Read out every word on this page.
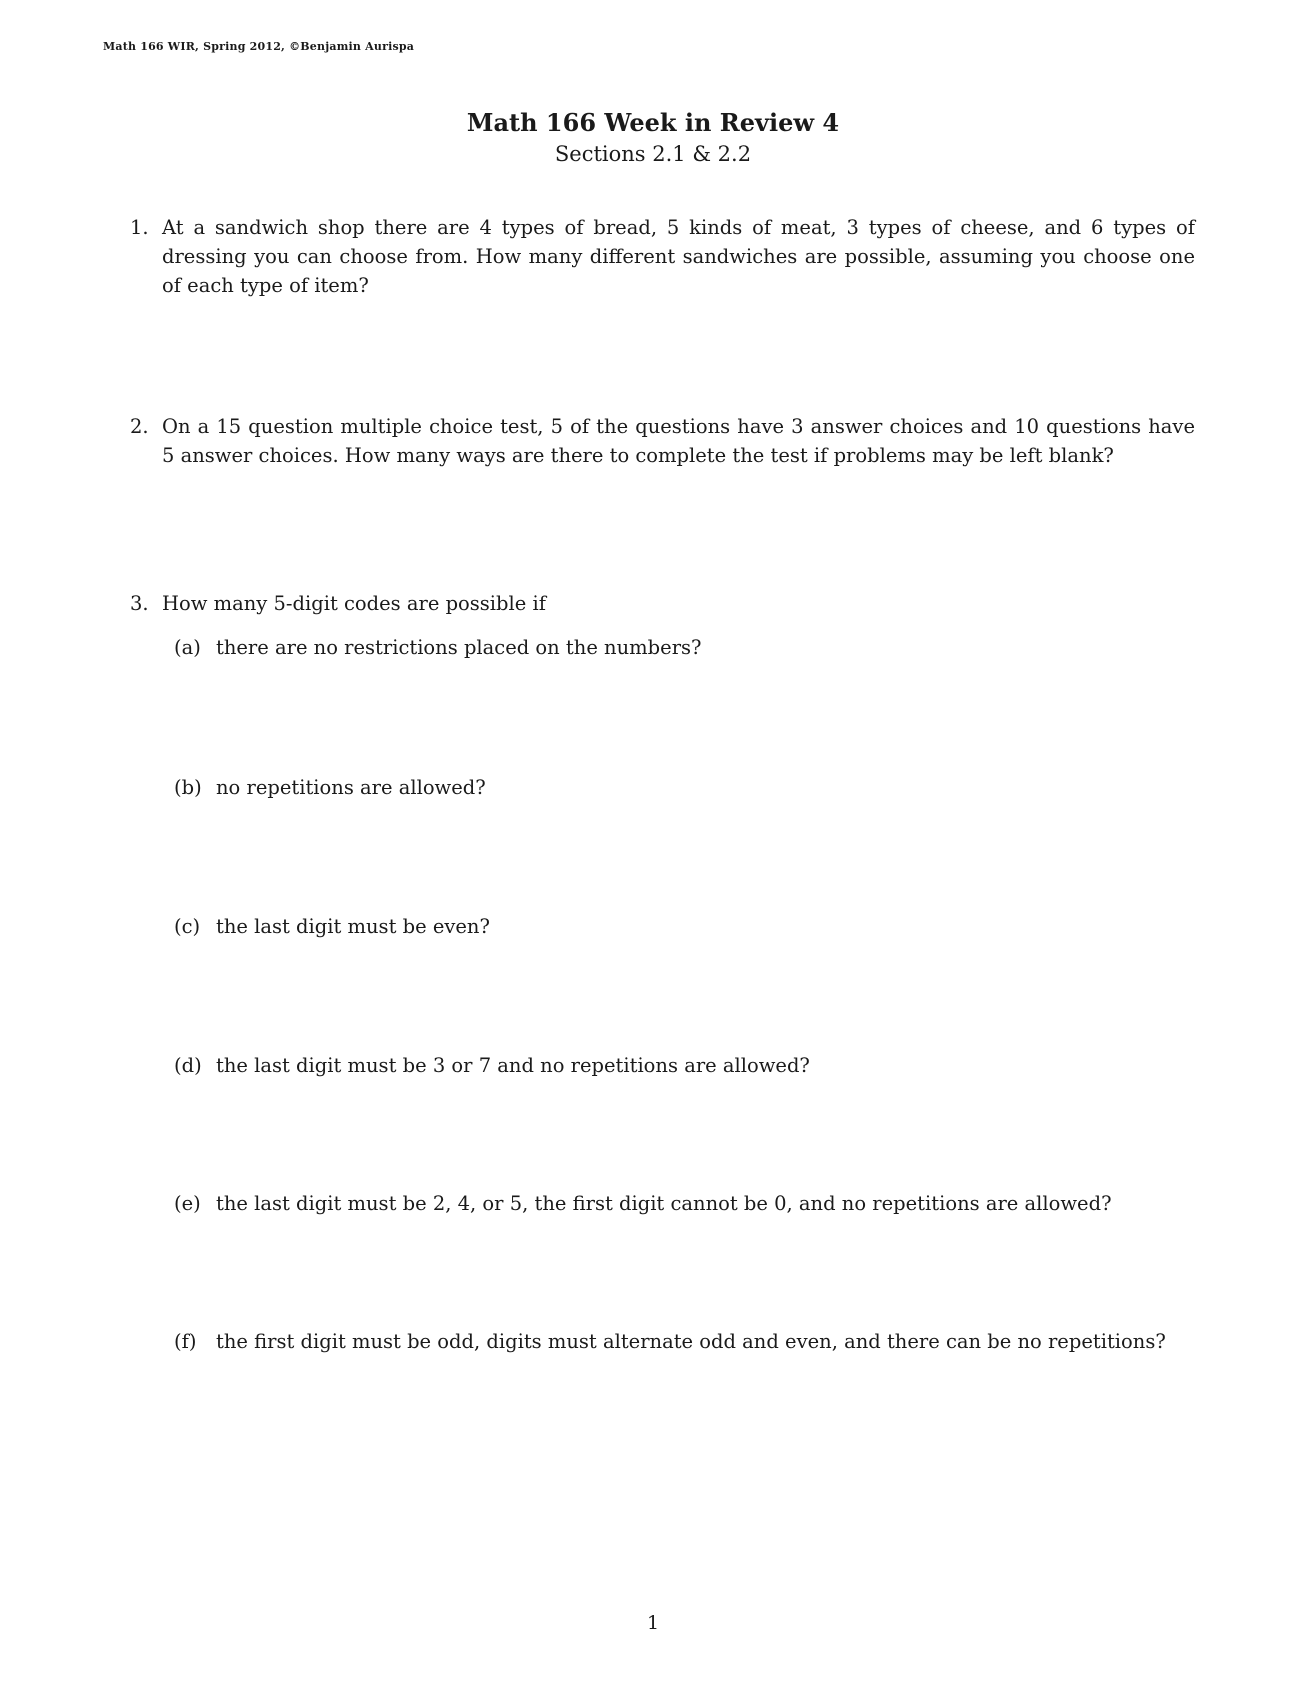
Math 166 WIR, Spring 2012, ©Benjamin Aurispa
Math 166 Week in Review 4
Sections 2.1 & 2.2
1. At a sandwich shop there are 4 types of bread, 5 kinds of meat, 3 types of cheese, and 6 types of dressing you can choose from. How many different sandwiches are possible, assuming you choose one of each type of item?
2. On a 15 question multiple choice test, 5 of the questions have 3 answer choices and 10 questions have 5 answer choices. How many ways are there to complete the test if problems may be left blank?
3. How many 5-digit codes are possible if
(a) there are no restrictions placed on the numbers?
(b) no repetitions are allowed?
(c) the last digit must be even?
(d) the last digit must be 3 or 7 and no repetitions are allowed?
(e) the last digit must be 2, 4, or 5, the first digit cannot be 0, and no repetitions are allowed?
(f)	the first digit must be odd, digits must alternate odd and even, and there can be no repetitions?
1
